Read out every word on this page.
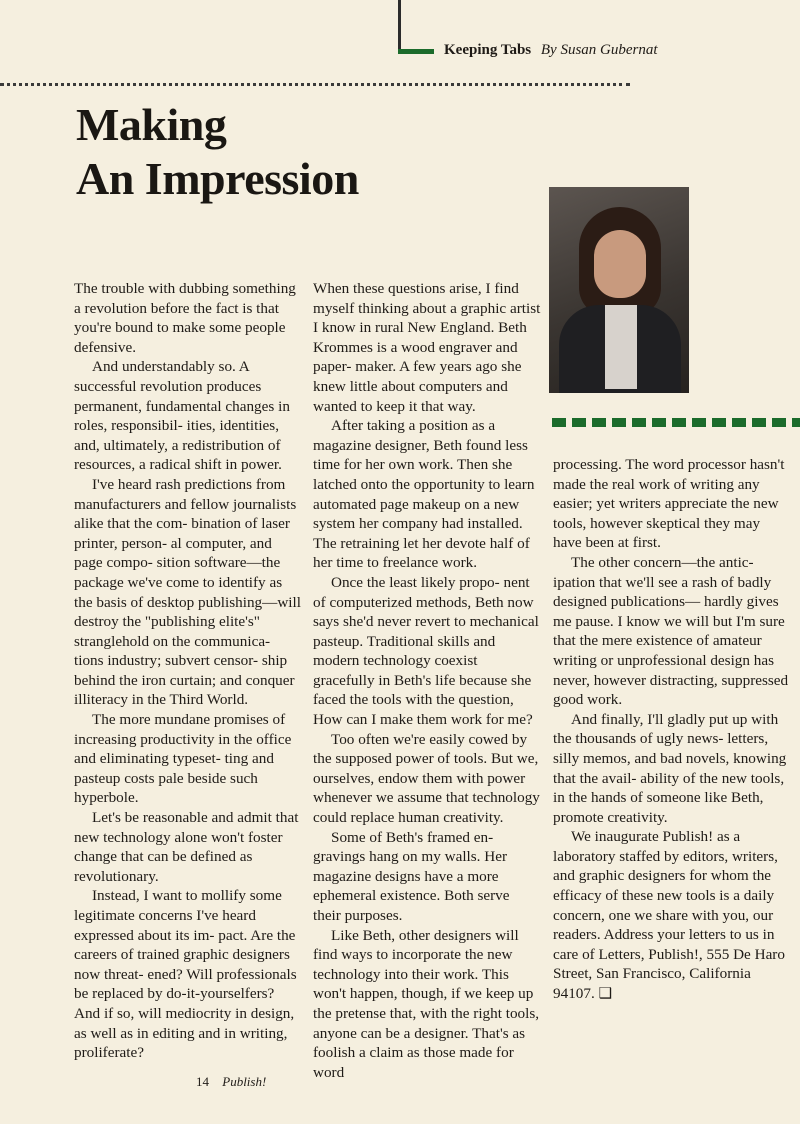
Keeping Tabs By Susan Gubernat
Making
An Impression

The trouble with dubbing something a revolution before the fact is that you're bound to make some people defensive.

And understandably so. A successful revolution produces permanent, fundamental changes in roles, responsibil- ities, identities, and, ultimately, a redistribution of resources, a radical shift in power.

I've heard rash predictions from manufacturers and fellow journalists alike that the com- bination of laser printer, person- al computer, and page compo- sition software—the package we've come to identify as the basis of desktop publishing—will destroy the "publishing elite's" stranglehold on the communica- tions industry; subvert censor- ship behind the iron curtain; and conquer illiteracy in the Third World.

The more mundane promises of increasing productivity in the office and eliminating typeset- ting and pasteup costs pale beside such hyperbole.

Let's be reasonable and admit that new technology alone won't foster change that can be defined as revolutionary.

Instead, I want to mollify some legitimate concerns I've heard expressed about its im- pact. Are the careers of trained graphic designers now threat- ened? Will professionals be replaced by do-it-yourselfers? And if so, will mediocrity in design, as well as in editing and in writing, proliferate?

When these questions arise, I find myself thinking about a graphic artist I know in rural New England. Beth Krommes is a wood engraver and paper- maker. A few years ago she knew little about computers and wanted to keep it that way.

After taking a position as a magazine designer, Beth found less time for her own work. Then she latched onto the opportunity to learn automated page makeup on a new system her company had installed. The retraining let her devote half of her time to freelance work.

Once the least likely propo- nent of computerized methods, Beth now says she'd never revert to mechanical pasteup. Traditional skills and modern technology coexist gracefully in Beth's life because she faced the tools with the question, How can I make them work for me?

Too often we're easily cowed by the supposed power of tools. But we, ourselves, endow them with power whenever we assume that technology could replace human creativity.

Some of Beth's framed en- gravings hang on my walls. Her magazine designs have a more ephemeral existence. Both serve their purposes.

Like Beth, other designers will find ways to incorporate the new technology into their work. This won't happen, though, if we keep up the pretense that, with the right tools, anyone can be a designer. That's as foolish a claim as those made for word

processing. The word processor hasn't made the real work of writing any easier; yet writers appreciate the new tools, however skeptical they may have been at first.

The other concern—the antic- ipation that we'll see a rash of badly designed publications— hardly gives me pause. I know we will but I'm sure that the mere existence of amateur writing or unprofessional design has never, however distracting, suppressed good work.

And finally, I'll gladly put up with the thousands of ugly news- letters, silly memos, and bad novels, knowing that the avail- ability of the new tools, in the hands of someone like Beth, promote creativity.

We inaugurate Publish! as a laboratory staffed by editors, writers, and graphic designers for whom the efficacy of these new tools is a daily concern, one we share with you, our readers. Address your letters to us in care of Letters, Publish!, 555 De Haro Street, San Francisco, California 94107. ❑

14 Publish!
